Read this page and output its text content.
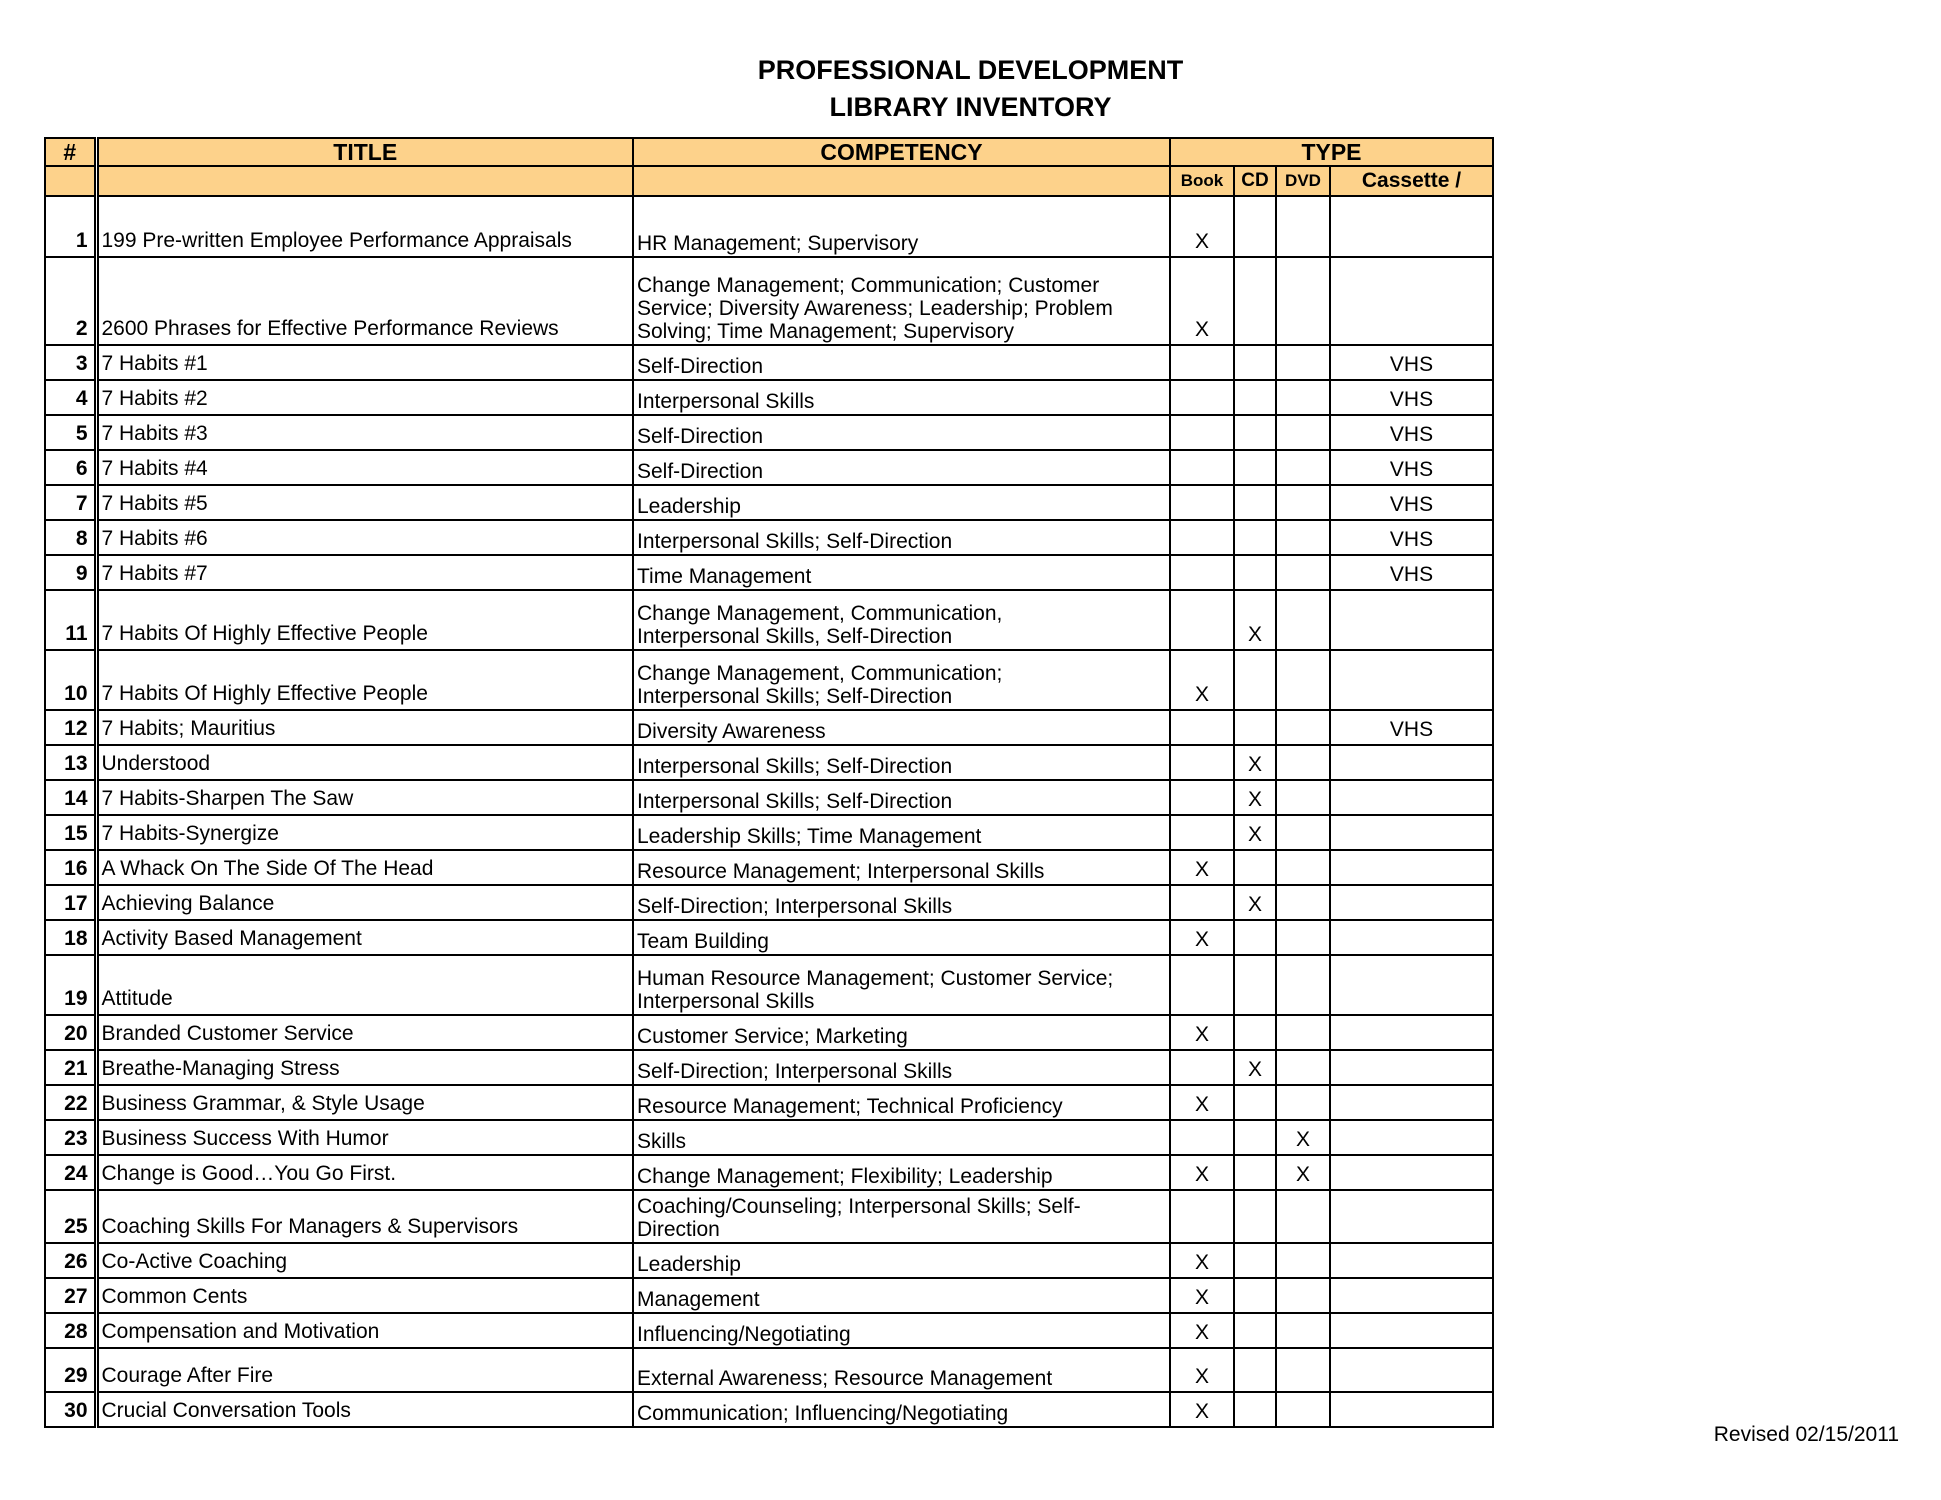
PROFESSIONAL DEVELOPMENT
LIBRARY INVENTORY
#	TITLE	COMPETENCY	TYPE			
			Book	CD	DVD	Cassette /
1	199 Pre-written Employee Performance Appraisals	HR Management; Supervisory	X			
2	2600 Phrases for Effective Performance Reviews	Change Management; Communication; Customer
Service; Diversity Awareness; Leadership; Problem
Solving; Time Management; Supervisory	X			
3	7 Habits #1	Self-Direction				VHS
4	7 Habits #2	Interpersonal Skills				VHS
5	7 Habits #3	Self-Direction				VHS
6	7 Habits #4	Self-Direction				VHS
7	7 Habits #5	Leadership				VHS
8	7 Habits #6	Interpersonal Skills; Self-Direction				VHS
9	7 Habits #7	Time Management				VHS
11	7 Habits Of Highly Effective People	Change Management, Communication,
Interpersonal Skills, Self-Direction		X		
10	7 Habits Of Highly Effective People	Change Management, Communication;
Interpersonal Skills; Self-Direction	X			
12	7 Habits; Mauritius	Diversity Awareness				VHS
13	Understood	Interpersonal Skills; Self-Direction		X		
14	7 Habits-Sharpen The Saw	Interpersonal Skills; Self-Direction		X		
15	7 Habits-Synergize	Leadership Skills; Time Management		X		
16	A Whack On The Side Of The Head	Resource Management; Interpersonal Skills	X			
17	Achieving Balance	Self-Direction; Interpersonal Skills		X		
18	Activity Based Management	Team Building	X			
19	Attitude	Human Resource Management; Customer Service;
Interpersonal Skills				

20	Branded Customer Service	Customer Service; Marketing	X			
21	Breathe-Managing Stress	Self-Direction; Interpersonal Skills		X		
22	Business Grammar, & Style Usage	Resource Management; Technical Proficiency	X			
23	Business Success With Humor	Skills			X	
24	Change is Good…You Go First.	Change Management; Flexibility; Leadership	X		X	
25	Coaching Skills For Managers & Supervisors	Coaching/Counseling; Interpersonal Skills; Self-
Direction				

26	Co-Active Coaching	Leadership	X			
27	Common Cents	Management	X			
28	Compensation and Motivation	Influencing/Negotiating	X			
29	Courage After Fire	External Awareness; Resource Management	X			
30	Crucial Conversation Tools	Communication; Influencing/Negotiating	X			
Revised 02/15/2011
